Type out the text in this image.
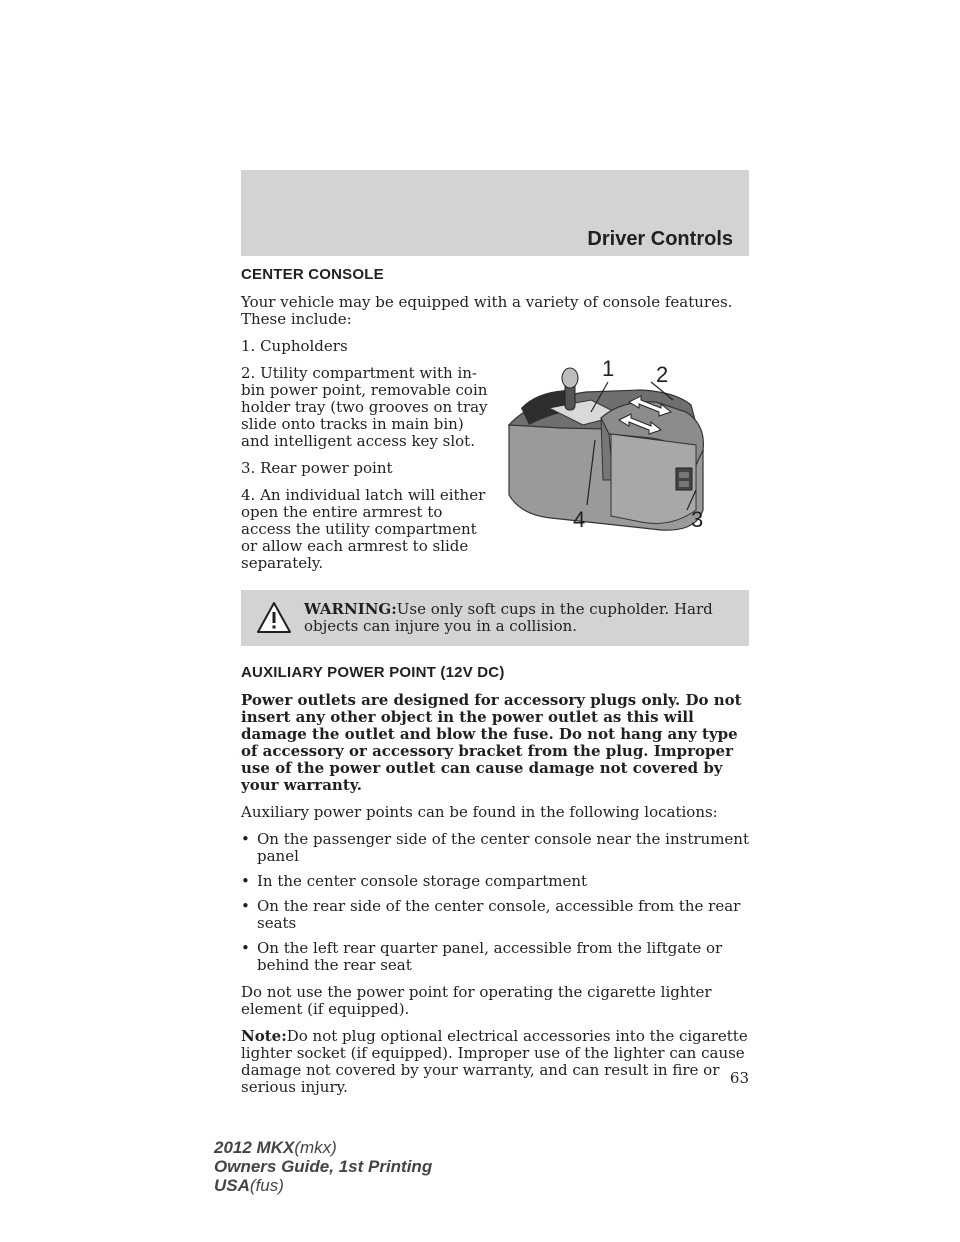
Driver Controls
CENTER CONSOLE

Your vehicle may be equipped with a variety of console features. These include:

1. Cupholders

2. Utility compartment with in-bin power point, removable coin holder tray (two grooves on tray slide onto tracks in main bin) and intelligent access key slot.

3. Rear power point

4. An individual latch will either open the entire armrest to access the utility compartment or allow each armrest to slide separately.

1 2
3
4
WARNING:Use only soft cups in the cupholder. Hard objects can injure you in a collision.
AUXILIARY POWER POINT (12V DC)

Power outlets are designed for accessory plugs only. Do not insert any other object in the power outlet as this will damage the outlet and blow the fuse. Do not hang any type of accessory or accessory bracket from the plug. Improper use of the power outlet can cause damage not covered by your warranty.

Auxiliary power points can be found in the following locations:

• On the passenger side of the center console near the instrument panel
• In the center console storage compartment
• On the rear side of the center console, accessible from the rear seats
• On the left rear quarter panel, accessible from the liftgate or behind the rear seat

Do not use the power point for operating the cigarette lighter element (if equipped).

Note:Do not plug optional electrical accessories into the cigarette lighter socket (if equipped). Improper use of the lighter can cause damage not covered by your warranty, and can result in fire or serious injury.	63
2012 MKX(mkx)
Owners Guide, 1st Printing
USA(fus)
